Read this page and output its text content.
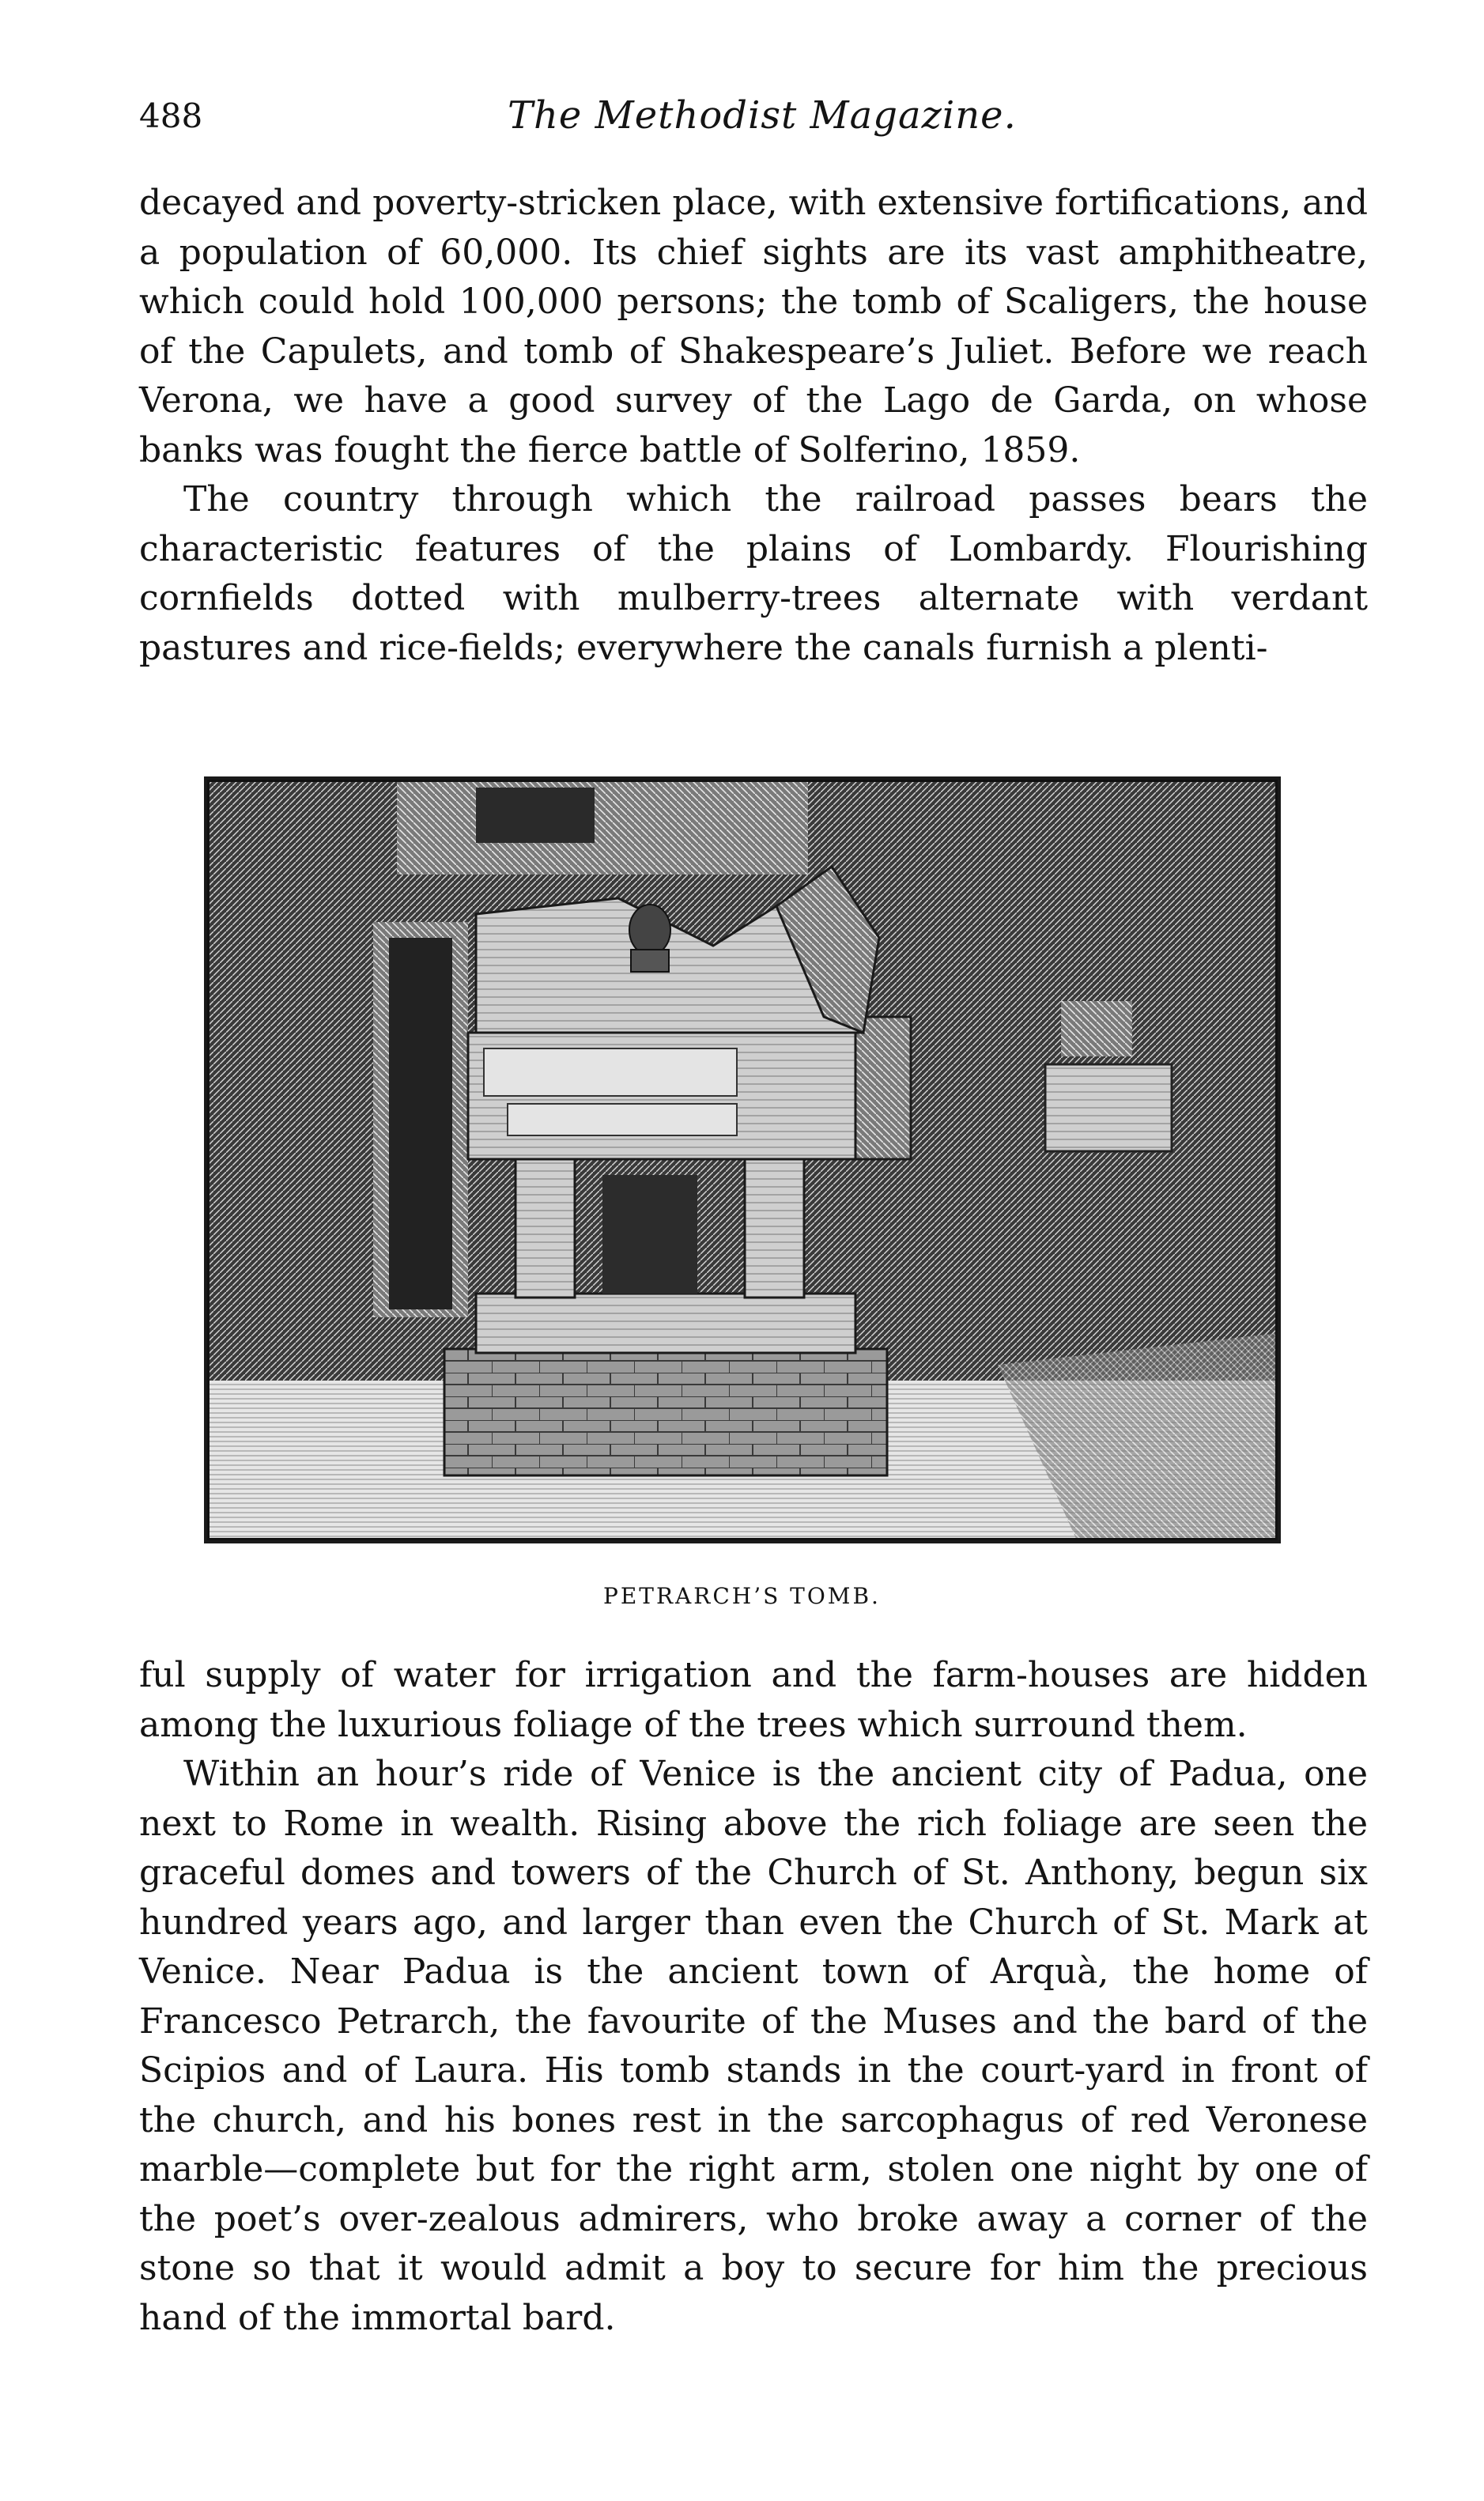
488	The Methodist Magazine.

decayed and poverty-stricken place, with extensive fortifications, and a population of 60,000. Its chief sights are its vast amphitheatre, which could hold 100,000 persons; the tomb of Scaligers, the house of the Capulets, and tomb of Shakespeare’s Juliet. Before we reach Verona, we have a good survey of the Lago de Garda, on whose banks was fought the fierce battle of Solferino, 1859.

The country through which the railroad passes bears the characteristic features of the plains of Lombardy. Flourishing cornfields dotted with mulberry-trees alternate with verdant pastures and rice-fields; everywhere the canals furnish a plenti-

PETRARCH’S TOMB.

ful supply of water for irrigation and the farm-houses are hidden among the luxurious foliage of the trees which surround them.

Within an hour’s ride of Venice is the ancient city of Padua, one next to Rome in wealth. Rising above the rich foliage are seen the graceful domes and towers of the Church of St. Anthony, begun six hundred years ago, and larger than even the Church of St. Mark at Venice. Near Padua is the ancient town of Arquà, the home of Francesco Petrarch, the favourite of the Muses and the bard of the Scipios and of Laura. His tomb stands in the court-yard in front of the church, and his bones rest in the sarcophagus of red Veronese marble—complete but for the right arm, stolen one night by one of the poet’s over-zealous admirers, who broke away a corner of the stone so that it would admit a boy to secure for him the precious hand of the immortal bard.
